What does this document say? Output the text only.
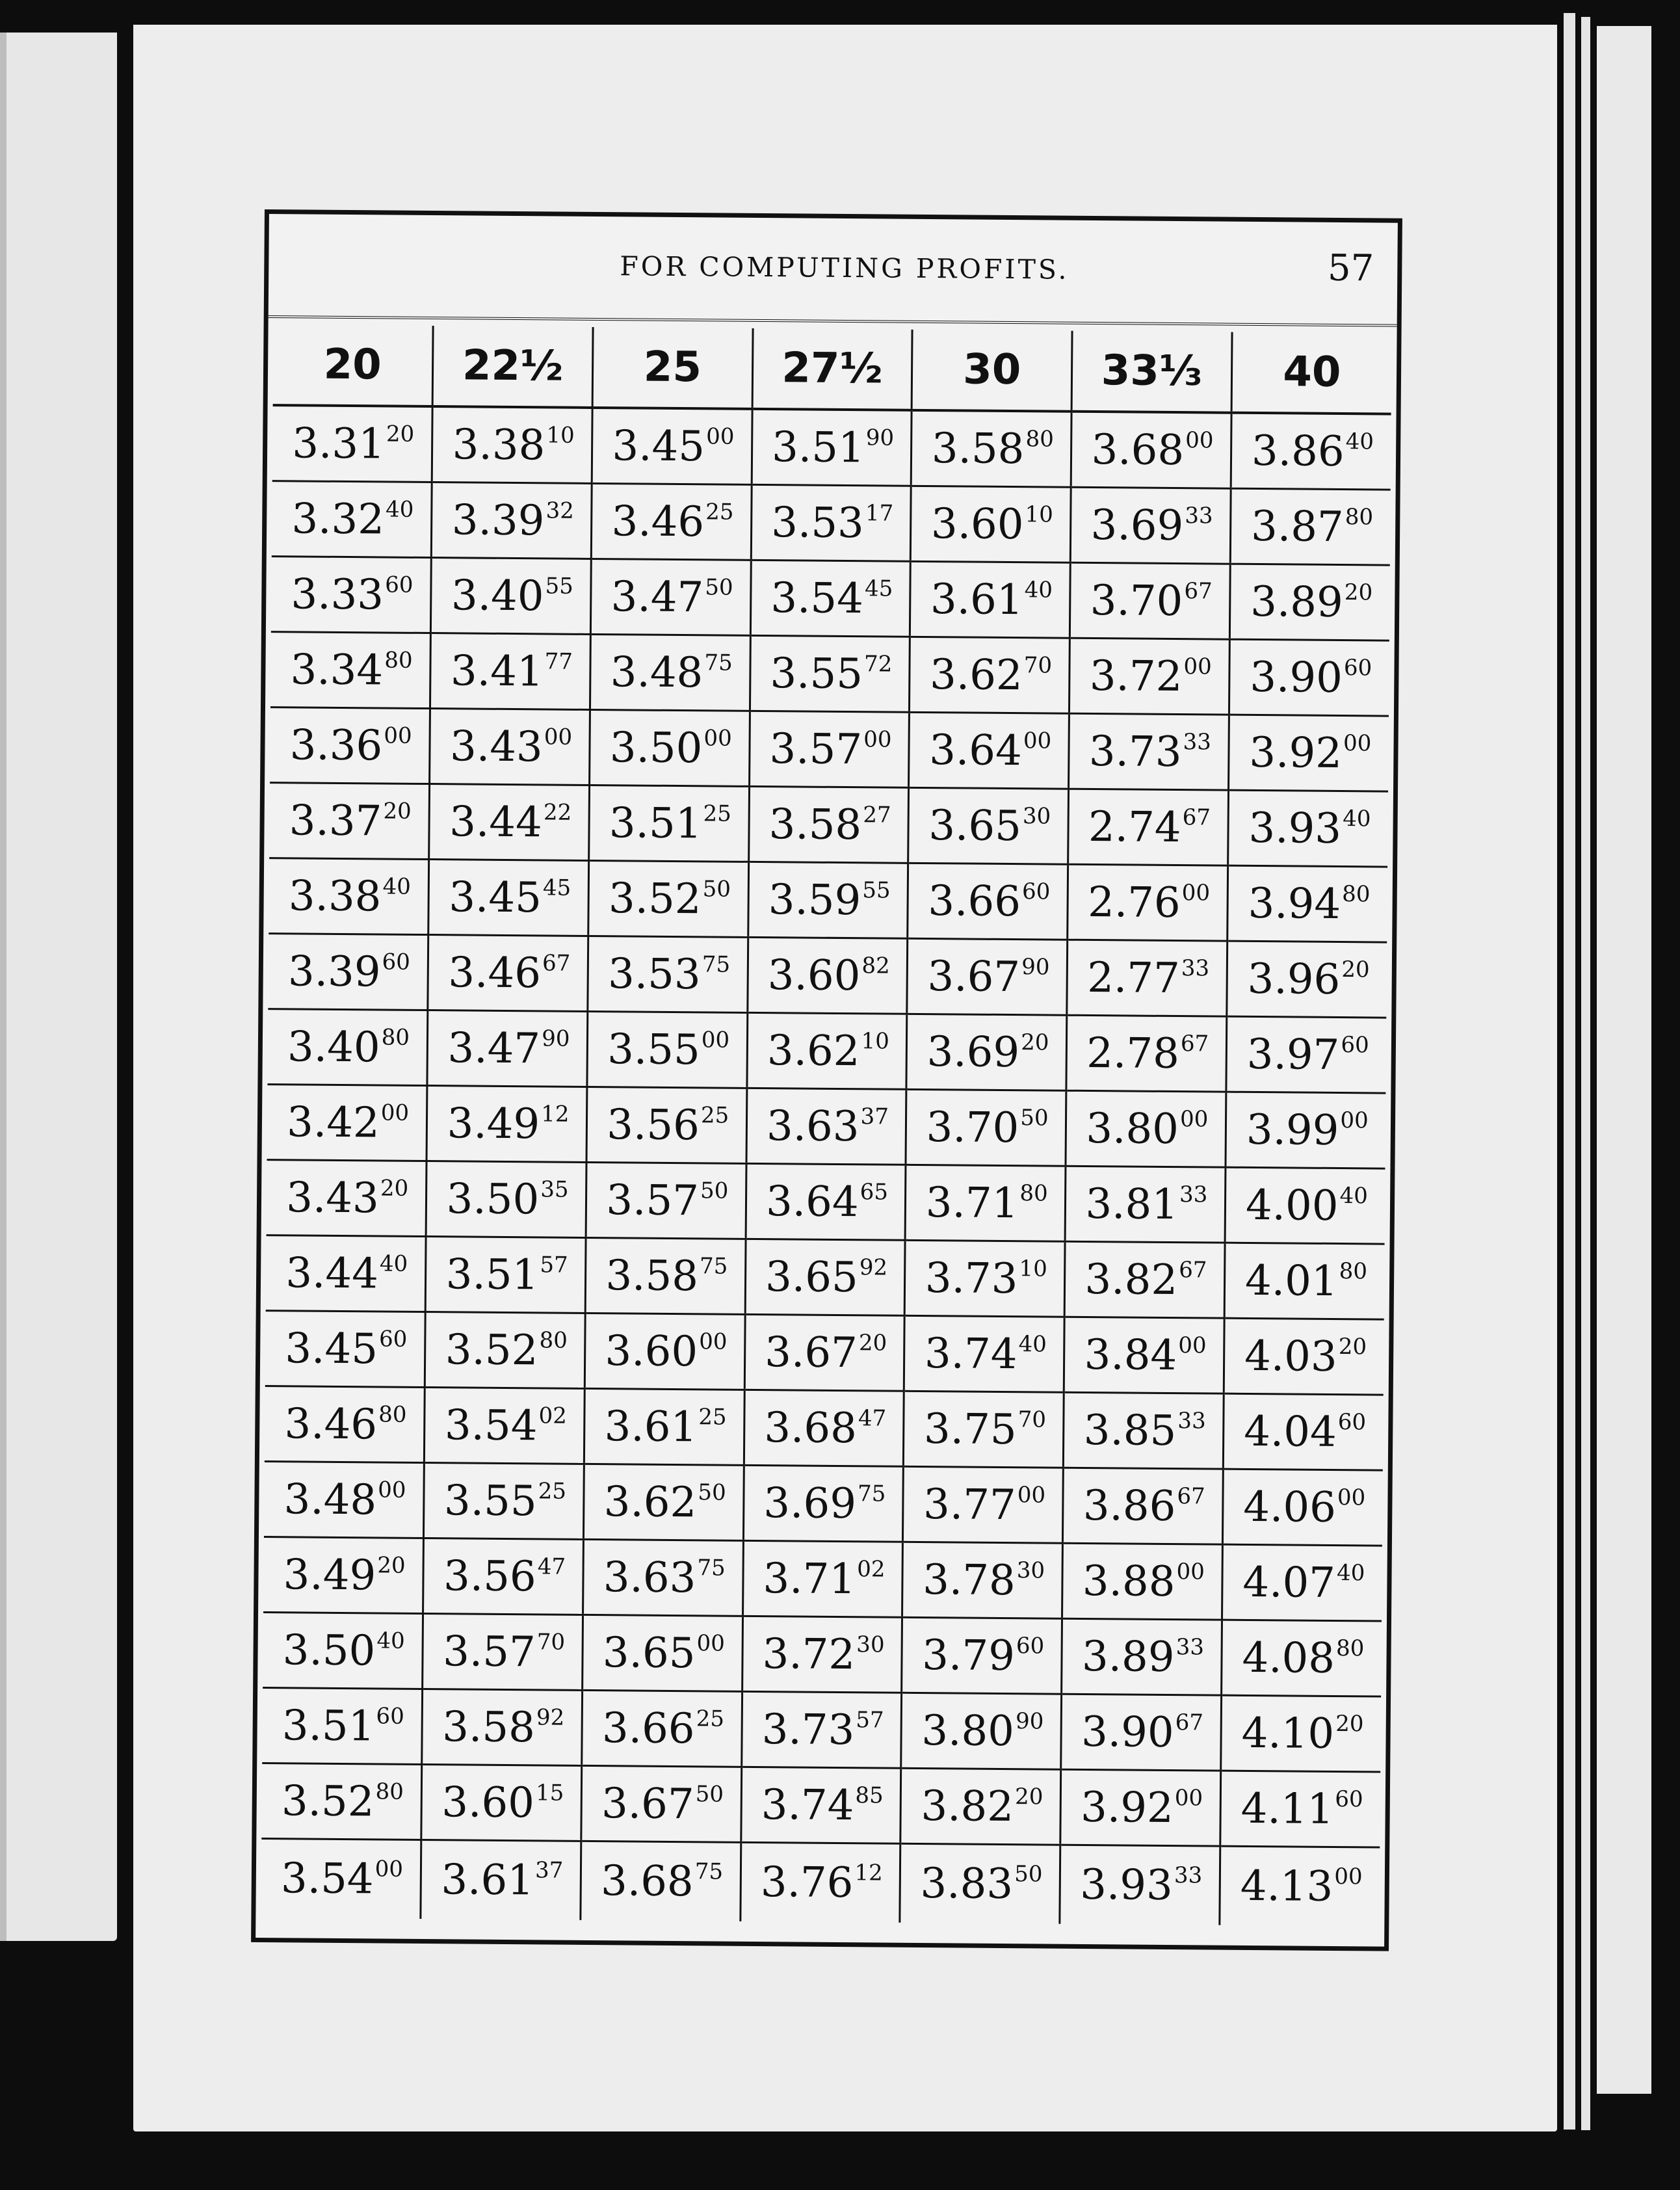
FOR COMPUTING PROFITS.	57
20	22½	25	27½	30	33⅓	40
3.31$^{20}$	3.38$^{10}$	3.45$^{00}$	3.51$^{90}$	3.58$^{80}$	3.68$^{00}$	3.86$^{40}$
3.32$^{40}$	3.39$^{32}$	3.46$^{25}$	3.53$^{17}$	3.60$^{10}$	3.69$^{33}$	3.87$^{80}$
3.33$^{60}$	3.40$^{55}$	3.47$^{50}$	3.54$^{45}$	3.61$^{40}$	3.70$^{67}$	3.89$^{20}$
3.34$^{80}$	3.41$^{77}$	3.48$^{75}$	3.55$^{72}$	3.62$^{70}$	3.72$^{00}$	3.90$^{60}$
3.36$^{00}$	3.43$^{00}$	3.50$^{00}$	3.57$^{00}$	3.64$^{00}$	3.73$^{33}$	3.92$^{00}$
3.37$^{20}$	3.44$^{22}$	3.51$^{25}$	3.58$^{27}$	3.65$^{30}$	2.74$^{67}$	3.93$^{40}$
3.38$^{40}$	3.45$^{45}$	3.52$^{50}$	3.59$^{55}$	3.66$^{60}$	2.76$^{00}$	3.94$^{80}$
3.39$^{60}$	3.46$^{67}$	3.53$^{75}$	3.60$^{82}$	3.67$^{90}$	2.77$^{33}$	3.96$^{20}$
3.40$^{80}$	3.47$^{90}$	3.55$^{00}$	3.62$^{10}$	3.69$^{20}$	2.78$^{67}$	3.97$^{60}$
3.42$^{00}$	3.49$^{12}$	3.56$^{25}$	3.63$^{37}$	3.70$^{50}$	3.80$^{00}$	3.99$^{00}$
3.43$^{20}$	3.50$^{35}$	3.57$^{50}$	3.64$^{65}$	3.71$^{80}$	3.81$^{33}$	4.00$^{40}$
3.44$^{40}$	3.51$^{57}$	3.58$^{75}$	3.65$^{92}$	3.73$^{10}$	3.82$^{67}$	4.01$^{80}$
3.45$^{60}$	3.52$^{80}$	3.60$^{00}$	3.67$^{20}$	3.74$^{40}$	3.84$^{00}$	4.03$^{20}$
3.46$^{80}$	3.54$^{02}$	3.61$^{25}$	3.68$^{47}$	3.75$^{70}$	3.85$^{33}$	4.04$^{60}$
3.48$^{00}$	3.55$^{25}$	3.62$^{50}$	3.69$^{75}$	3.77$^{00}$	3.86$^{67}$	4.06$^{00}$
3.49$^{20}$	3.56$^{47}$	3.63$^{75}$	3.71$^{02}$	3.78$^{30}$	3.88$^{00}$	4.07$^{40}$
3.50$^{40}$	3.57$^{70}$	3.65$^{00}$	3.72$^{30}$	3.79$^{60}$	3.89$^{33}$	4.08$^{80}$
3.51$^{60}$	3.58$^{92}$	3.66$^{25}$	3.73$^{57}$	3.80$^{90}$	3.90$^{67}$	4.10$^{20}$
3.52$^{80}$	3.60$^{15}$	3.67$^{50}$	3.74$^{85}$	3.82$^{20}$	3.92$^{00}$	4.11$^{60}$
3.54$^{00}$	3.61$^{37}$	3.68$^{75}$	3.76$^{12}$	3.83$^{50}$	3.93$^{33}$	4.13$^{00}$
